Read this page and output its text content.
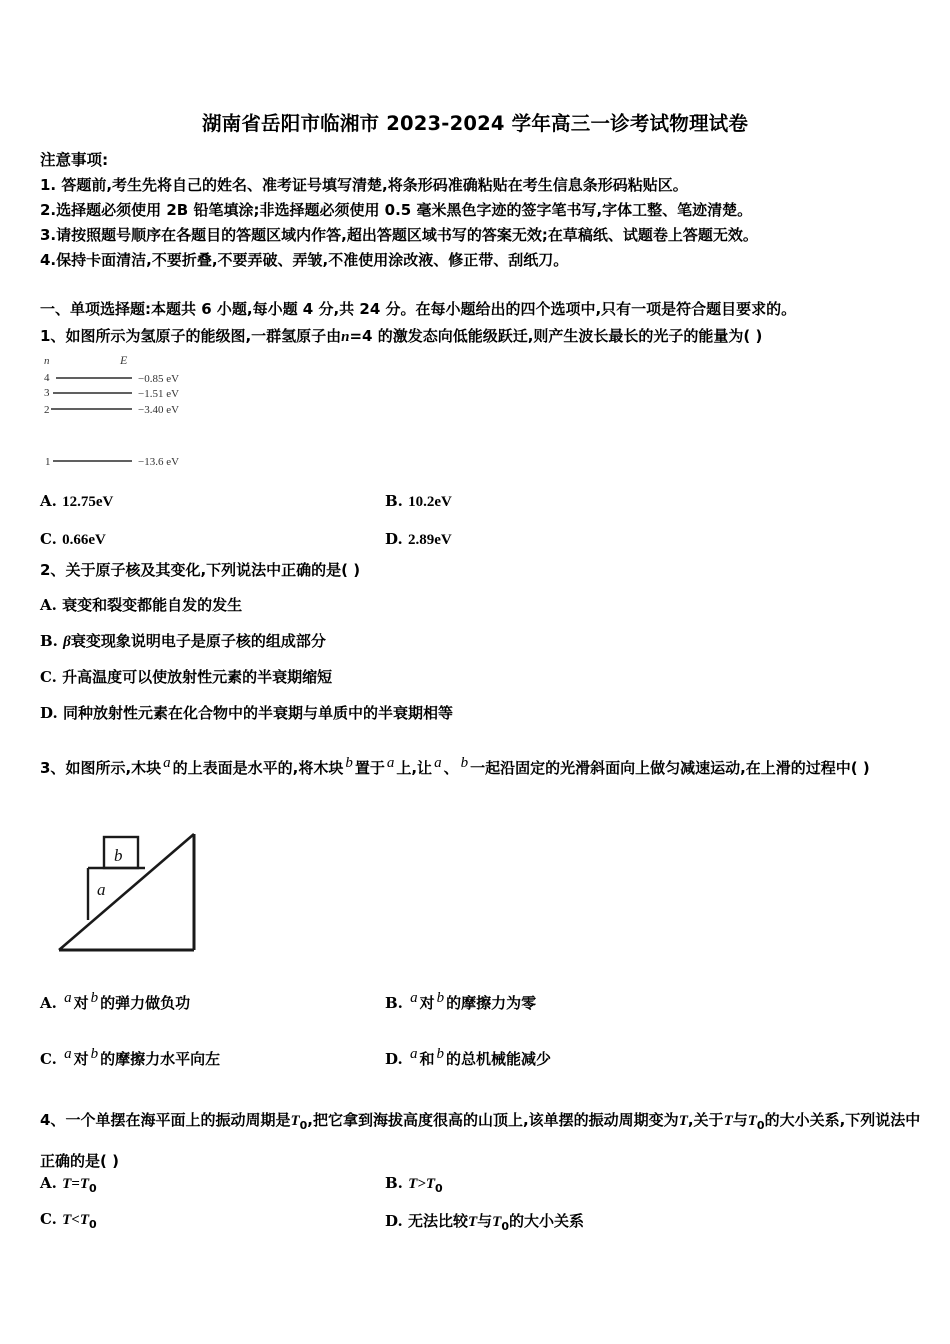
湖南省岳阳市临湘市 2023-2024 学年高三一诊考试物理试卷
注意事项:
1. 答题前,考生先将自己的姓名、准考证号填写清楚,将条形码准确粘贴在考生信息条形码粘贴区。
2.选择题必须使用 2B 铅笔填涂;非选择题必须使用 0.5 毫米黑色字迹的签字笔书写,字体工整、笔迹清楚。
3.请按照题号顺序在各题目的答题区域内作答,超出答题区域书写的答案无效;在草稿纸、试题卷上答题无效。
4.保持卡面清洁,不要折叠,不要弄破、弄皱,不准使用涂改液、修正带、刮纸刀。
一、单项选择题:本题共 6 小题,每小题 4 分,共 24 分。在每小题给出的四个选项中,只有一项是符合题目要求的。
1、如图所示为氢原子的能级图,一群氢原子由n=4 的激发态向低能级跃迁,则产生波长最长的光子的能量为( )
n	E
4	−0.85 eV
3	−1.51 eV
2	−3.40 eV
1	−13.6 eV
A. 12.75eV	B. 10.2eV
C. 0.66eV	D. 2.89eV
2、关于原子核及其变化,下列说法中正确的是( )
A. 衰变和裂变都能自发的发生
B. β衰变现象说明电子是原子核的组成部分
C. 升高温度可以使放射性元素的半衰期缩短
D. 同种放射性元素在化合物中的半衰期与单质中的半衰期相等
3、如图所示,木块 a 的上表面是水平的,将木块 b 置于 a 上,让 a 、 b 一起沿固定的光滑斜面向上做匀减速运动,在上滑的过程中( )
a
b
A. a 对 b 的弹力做负功	B. a 对 b 的摩擦力为零
C. a 对 b 的摩擦力水平向左	D. a 和 b 的总机械能减少
4、一个单摆在海平面上的振动周期是$T_0$,把它拿到海拔高度很高的山顶上,该单摆的振动周期变为T,关于T与$T_0$的大小关系,下列说法中正确的是( )
A. $T=T_0$	B. $T>T_0$
C. $T<T_0$	D. 无法比较T与$T_0$的大小关系
